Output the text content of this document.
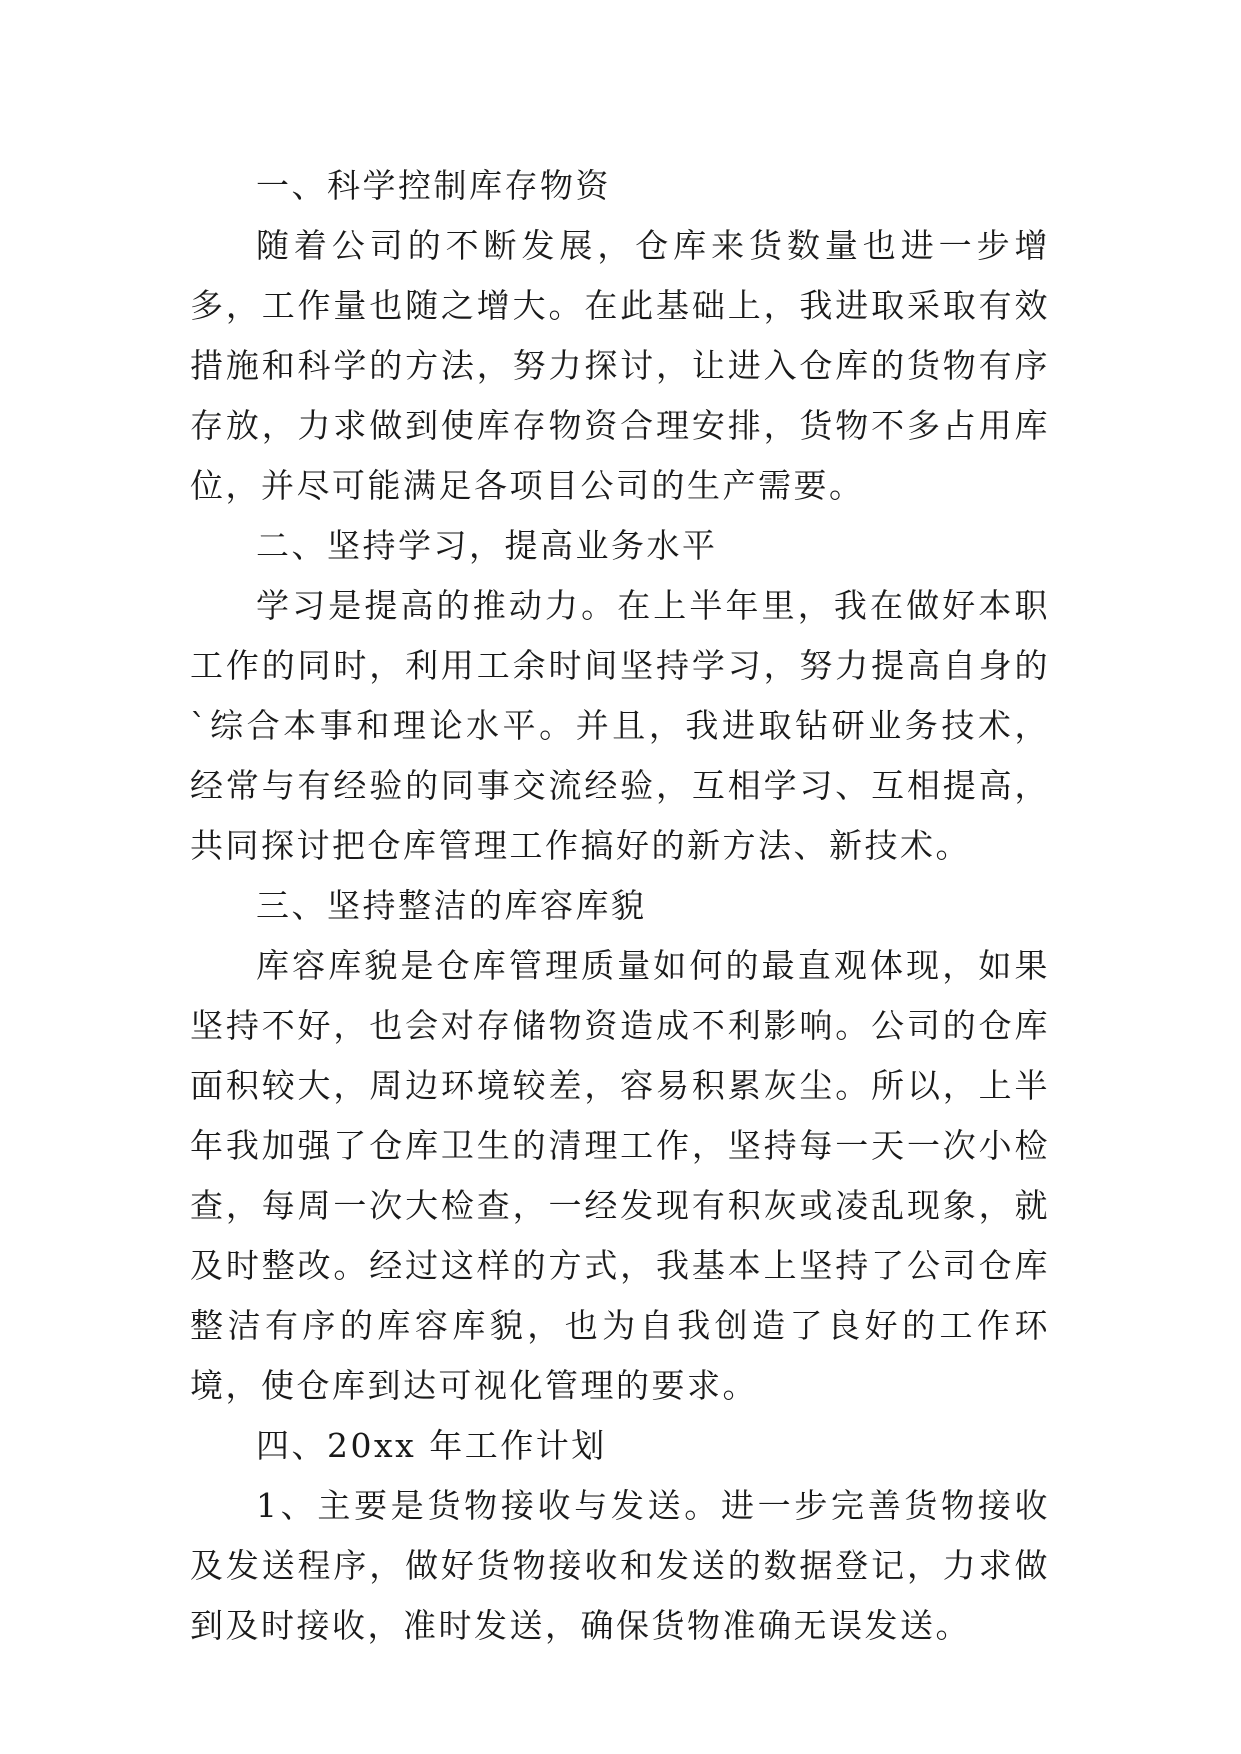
一、科学控制库存物资

随着公司的不断发展，仓库来货数量也进一步增多，工作量也随之增大。在此基础上，我进取采取有效措施和科学的方法，努力探讨，让进入仓库的货物有序存放，力求做到使库存物资合理安排，货物不多占用库位，并尽可能满足各项目公司的生产需要。

二、坚持学习，提高业务水平

学习是提高的推动力。在上半年里，我在做好本职工作的同时，利用工余时间坚持学习，努力提高自身的`综合本事和理论水平。并且，我进取钻研业务技术，经常与有经验的同事交流经验，互相学习、互相提高，共同探讨把仓库管理工作搞好的新方法、新技术。

三、坚持整洁的库容库貌

库容库貌是仓库管理质量如何的最直观体现，如果坚持不好，也会对存储物资造成不利影响。公司的仓库面积较大，周边环境较差，容易积累灰尘。所以，上半年我加强了仓库卫生的清理工作，坚持每一天一次小检查，每周一次大检查，一经发现有积灰或凌乱现象，就及时整改。经过这样的方式，我基本上坚持了公司仓库整洁有序的库容库貌，也为自我创造了良好的工作环境，使仓库到达可视化管理的要求。

四、20xx 年工作计划

1、主要是货物接收与发送。进一步完善货物接收及发送程序，做好货物接收和发送的数据登记，力求做到及时接收，准时发送，确保货物准确无误发送。
